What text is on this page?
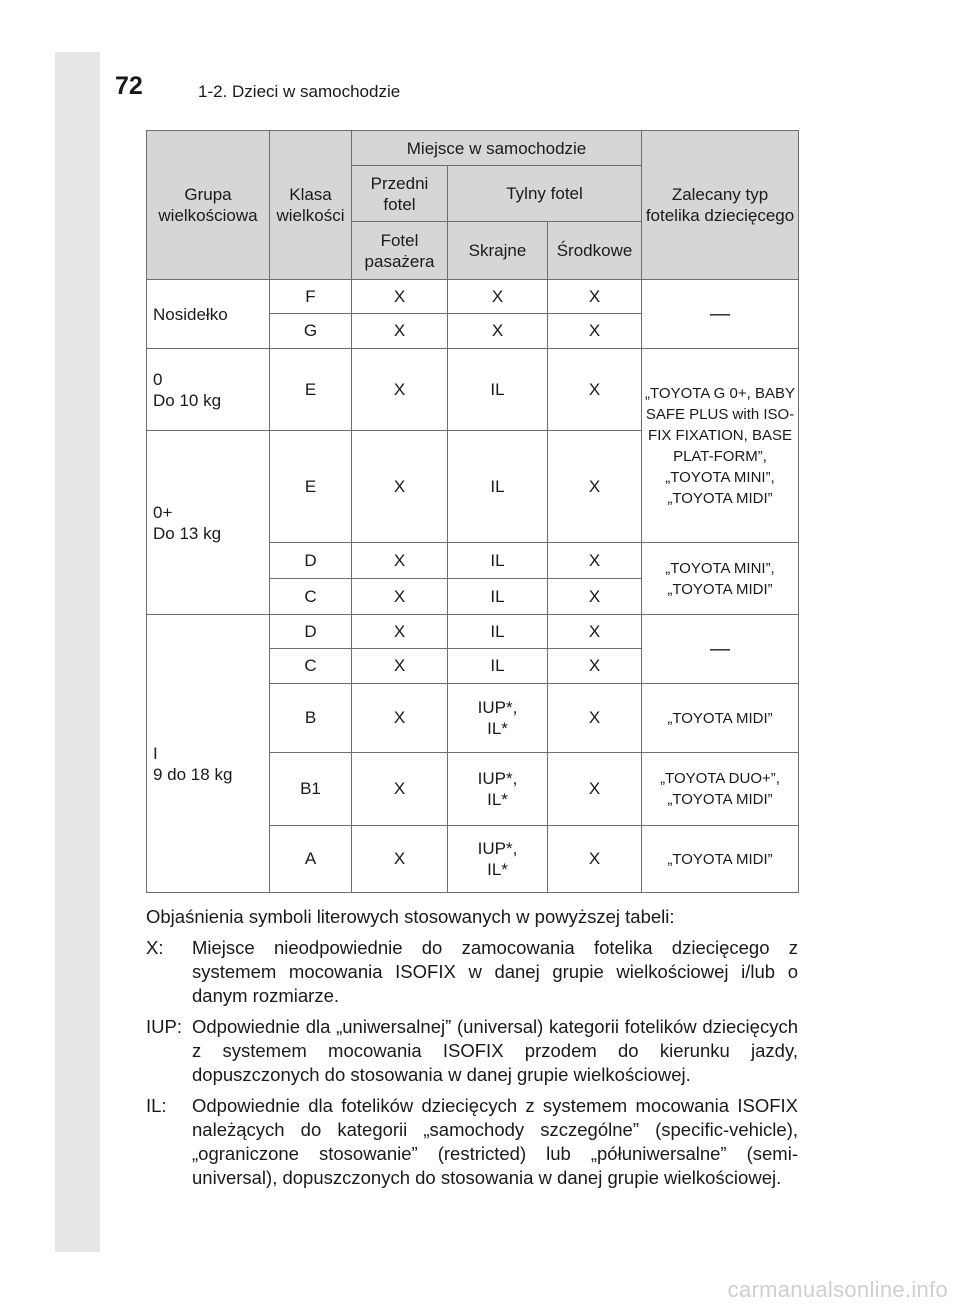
72	1-2. Dzieci w samochodzie
Grupa wielkościowa	Klasa wielkości	Miejsce w samochodzie			Zalecany typ fotelika dziecięcego
		Przedni fotel	Tylny fotel		
		Fotel pasażera	Skrajne	Środkowe	
Nosidełko	F	X	X	X	—
	G	X	X	X	

0
Do 10 kg	E	X	IL	X	„TOYOTA G 0+, BABY SAFE PLUS with ISO-FIX FIXATION, BASE PLAT-FORM”, „TOYOTA MINI”, „TOYOTA MIDI”

0+
Do 13 kg	E	X	IL	X	
	D	X	IL	X	„TOYOTA MINI”, „TOYOTA MIDI”
	C	X	IL	X	

I
9 do 18 kg	D	X	IL	X	—
	C	X	IL	X	
	B	X	IUP*, IL*	X	„TOYOTA MIDI”
	B1	X	IUP*, IL*	X	„TOYOTA DUO+”, „TOYOTA MIDI”
	A	X	IUP*, IL*	X	„TOYOTA MIDI”

Objaśnienia symboli literowych stosowanych w powyższej tabeli:

X:	Miejsce nieodpowiednie do zamocowania fotelika dziecięcego z systemem mocowania ISOFIX w danej grupie wielkościowej i/lub o danym rozmiarze.
IUP: Odpowiednie dla „uniwersalnej” (universal) kategorii fotelików dziecięcych z systemem mocowania ISOFIX przodem do kierunku jazdy, dopuszczonych do stosowania w danej grupie wielkościowej.
IL:	Odpowiednie dla fotelików dziecięcych z systemem mocowania ISOFIX należących do kategorii „samochody szczególne” (specific-vehicle), „ograniczone stosowanie” (restricted) lub „półuniwersalne” (semi-universal), dopuszczonych do stosowania w danej grupie wielkościowej.
carmanualsonline.info
